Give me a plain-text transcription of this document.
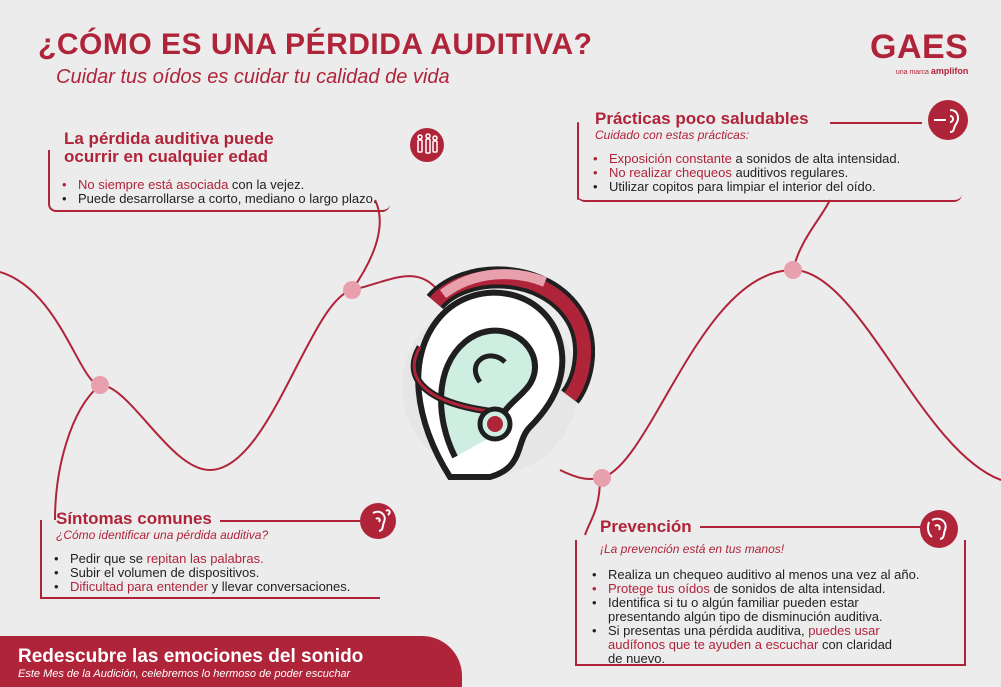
¿CÓMO ES UNA PÉRDIDA AUDITIVA?
Cuidar tus oídos es cuidar tu calidad de vida
GAES
una marca amplifon
La pérdida auditiva puede
ocurrir en cualquier edad
• No siempre está asociada con la vejez.
• Puede desarrollarse a corto, mediano o largo plazo.
Prácticas poco saludables
Cuidado con estas prácticas:
• Exposición constante a sonidos de alta intensidad.
• No realizar chequeos auditivos regulares.
• Utilizar copitos para limpiar el interior del oído.
Síntomas comunes
¿Cómo identificar una pérdida auditiva?
• Pedir que se repitan las palabras.
• Subir el volumen de dispositivos.
• Dificultad para entender y llevar conversaciones.
Prevención
¡La prevención está en tus manos!
• Realiza un chequeo auditivo al menos una vez al año.
• Protege tus oídos de sonidos de alta intensidad.
• Identifica si tu o algún familiar pueden estar
presentando algún tipo de disminución auditiva.
• Si presentas una pérdida auditiva, puedes usar
audífonos que te ayuden a escuchar con claridad
de nuevo.
Redescubre las emociones del sonido
Este Mes de la Audición, celebremos lo hermoso de poder escuchar
